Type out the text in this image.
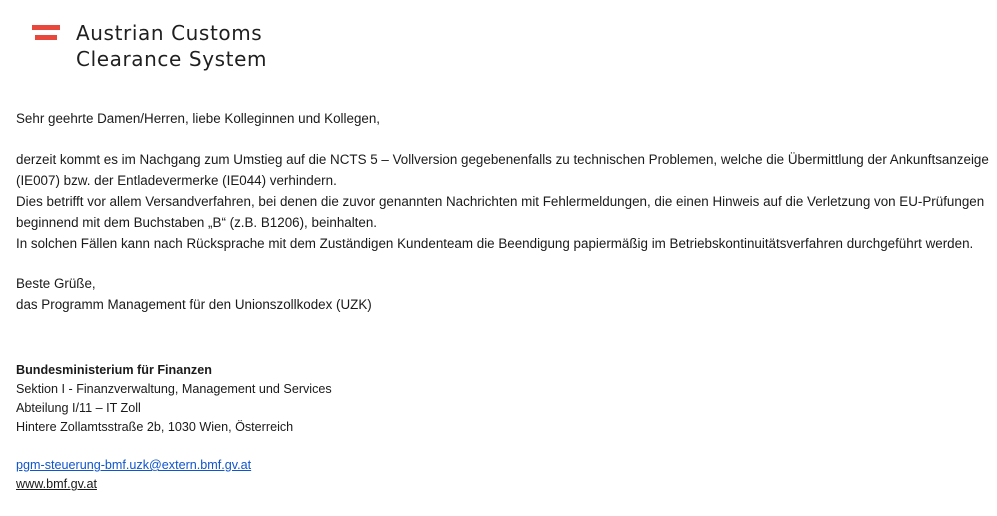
Austrian Customs
Clearance System

Sehr geehrte Damen/Herren, liebe Kolleginnen und Kollegen,

derzeit kommt es im Nachgang zum Umstieg auf die NCTS 5 – Vollversion gegebenenfalls zu technischen Problemen, welche die Übermittlung der Ankunftsanzeige (IE007) bzw. der Entladevermerke (IE044) verhindern.

Dies betrifft vor allem Versandverfahren, bei denen die zuvor genannten Nachrichten mit Fehlermeldungen, die einen Hinweis auf die Verletzung von EU-Prüfungen beginnend mit dem Buchstaben „B“ (z.B. B1206), beinhalten.

In solchen Fällen kann nach Rücksprache mit dem Zuständigen Kundenteam die Beendigung papiermäßig im Betriebskontinuitätsverfahren durchgeführt werden.

Beste Grüße,

das Programm Management für den Unionszollkodex (UZK)

Bundesministerium für Finanzen
Sektion I - Finanzverwaltung, Management und Services
Abteilung I/11 – IT Zoll
Hintere Zollamtsstraße 2b, 1030 Wien, Österreich
pgm-steuerung-bmf.uzk@extern.bmf.gv.at
www.bmf.gv.at
